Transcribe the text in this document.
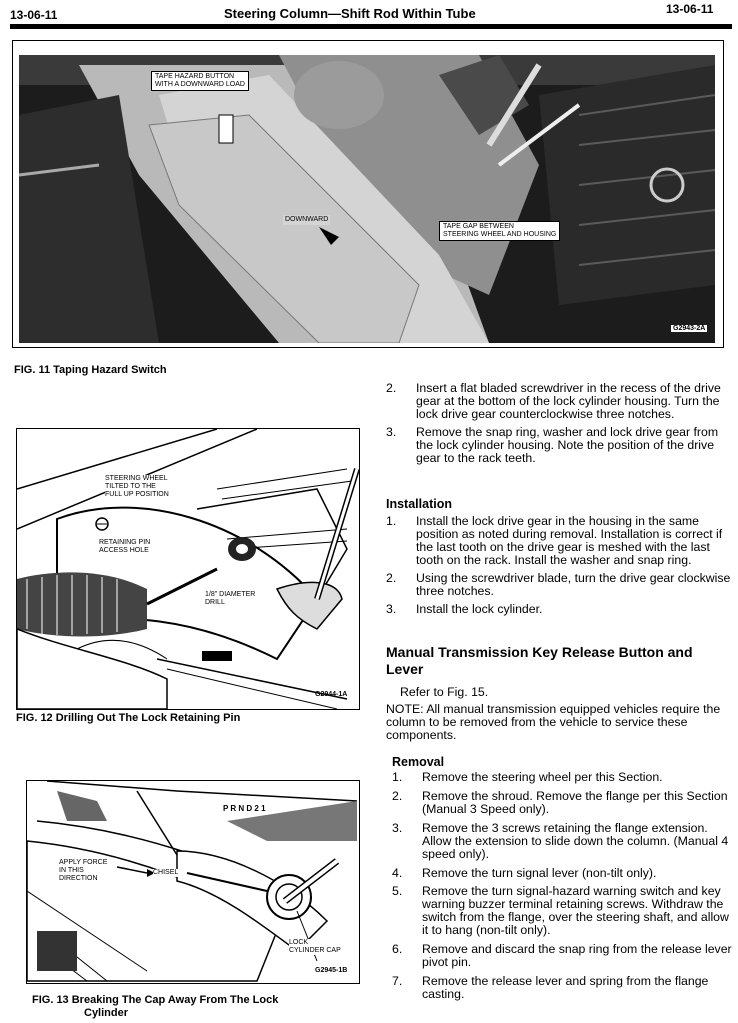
13-06-11	Steering Column—Shift Rod Within Tube	13-06-11
TAPE HAZARD BUTTON
WITH A DOWNWARD LOAD
DOWNWARD
TAPE GAP BETWEEN
STEERING WHEEL AND HOUSING
G2943-2A
FIG. 11 Taping Hazard Switch
STEERING WHEEL
TILTED TO THE
FULL UP POSITION
RETAINING PIN
ACCESS HOLE
1/8" DIAMETER
DRILL
G2944-1A
FIG. 12 Drilling Out The Lock Retaining Pin
P R N D 2 1
APPLY FORCE
IN THIS
DIRECTION
CHISEL
LOCK
CYLINDER CAP
G2945-1B
FIG. 13 Breaking The Cap Away From The Lock
Cylinder
2.	Insert a flat bladed screwdriver in the recess of the drive gear at the bottom of the lock cylinder housing. Turn the lock drive gear counterclockwise three notches.
3.	Remove the snap ring, washer and lock drive gear from the lock cylinder housing. Note the position of the drive gear to the rack teeth.
Installation
1.	Install the lock drive gear in the housing in the same position as noted during removal. Installation is correct if the last tooth on the drive gear is meshed with the last tooth on the rack. Install the washer and snap ring.
2.	Using the screwdriver blade, turn the drive gear clockwise three notches.
3.	Install the lock cylinder.
Manual Transmission Key Release Button and Lever
Refer to Fig. 15.
NOTE: All manual transmission equipped vehicles require the column to be removed from the vehicle to service these components.
Removal
1.	Remove the steering wheel per this Section.
2.	Remove the shroud. Remove the flange per this Section (Manual 3 Speed only).
3.	Remove the 3 screws retaining the flange extension. Allow the extension to slide down the column. (Manual 4 speed only).
4.	Remove the turn signal lever (non-tilt only).
5.	Remove the turn signal-hazard warning switch and key warning buzzer terminal retaining screws. Withdraw the switch from the flange, over the steering shaft, and allow it to hang (non-tilt only).
6.	Remove and discard the snap ring from the release lever pivot pin.
7.	Remove the release lever and spring from the flange casting.
